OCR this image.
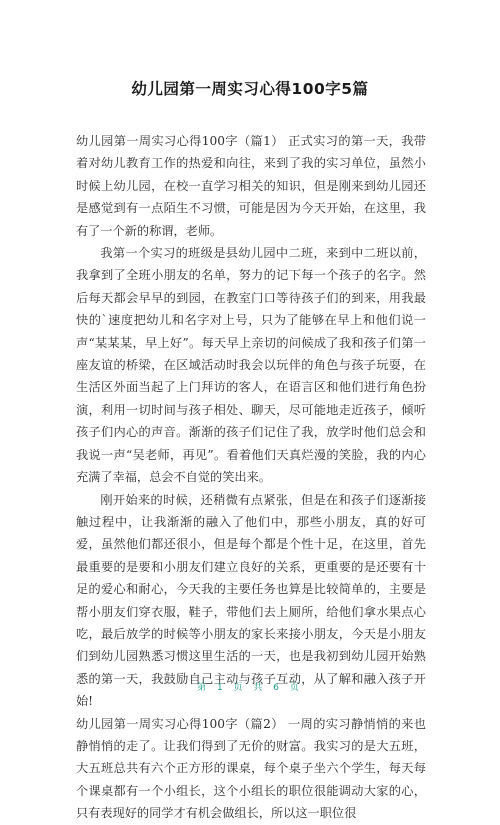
幼儿园第一周实习心得100字5篇

幼儿园第一周实习心得100字（篇1） 正式实习的第一天，我带着对幼儿教育工作的热爱和向往，来到了我的实习单位，虽然小时候上幼儿园，在校一直学习相关的知识，但是刚来到幼儿园还是感觉到有一点陌生不习惯，可能是因为今天开始，在这里，我有了一个新的称谓，老师。

我第一个实习的班级是县幼儿园中二班，来到中二班以前，我拿到了全班小朋友的名单，努力的记下每一个孩子的名字。然后每天都会早早的到园，在教室门口等待孩子们的到来，用我最快的`速度把幼儿和名字对上号，只为了能够在早上和他们说一声“某某某，早上好”。每天早上亲切的问候成了我和孩子们第一座友谊的桥梁，在区域活动时我会以玩伴的角色与孩子玩耍，在生活区外面当起了上门拜访的客人，在语言区和他们进行角色扮演，利用一切时间与孩子相处、聊天，尽可能地走近孩子，倾听孩子们内心的声音。渐渐的孩子们记住了我，放学时他们总会和我说一声“吴老师，再见”。看着他们天真烂漫的笑脸，我的内心充满了幸福，总会不自觉的笑出来。

刚开始来的时候，还稍微有点紧张，但是在和孩子们逐渐接触过程中，让我渐渐的融入了他们中，那些小朋友，真的好可爱，虽然他们都还很小，但是每个都是个性十足，在这里，首先最重要的是要和小朋友们建立良好的关系，更重要的是还要有十足的爱心和耐心，今天我的主要任务也算是比较简单的，主要是帮小朋友们穿衣服，鞋子，带他们去上厕所，给他们拿水果点心吃，最后放学的时候等小朋友的家长来接小朋友，今天是小朋友们到幼儿园熟悉习惯这里生活的一天，也是我初到幼儿园开始熟悉的第一天，我鼓励自己主动与孩子互动，从了解和融入孩子开始!

幼儿园第一周实习心得100字（篇2） 一周的实习静悄悄的来也静悄悄的走了。让我们得到了无价的财富。我实习的是大五班，大五班总共有六个正方形的课桌，每个桌子坐六个学生，每天每个课桌都有一个小组长，这个小组长的职位很能调动大家的心，只有表现好的同学才有机会做组长，所以这一职位很

第 1 页 共 6 页
